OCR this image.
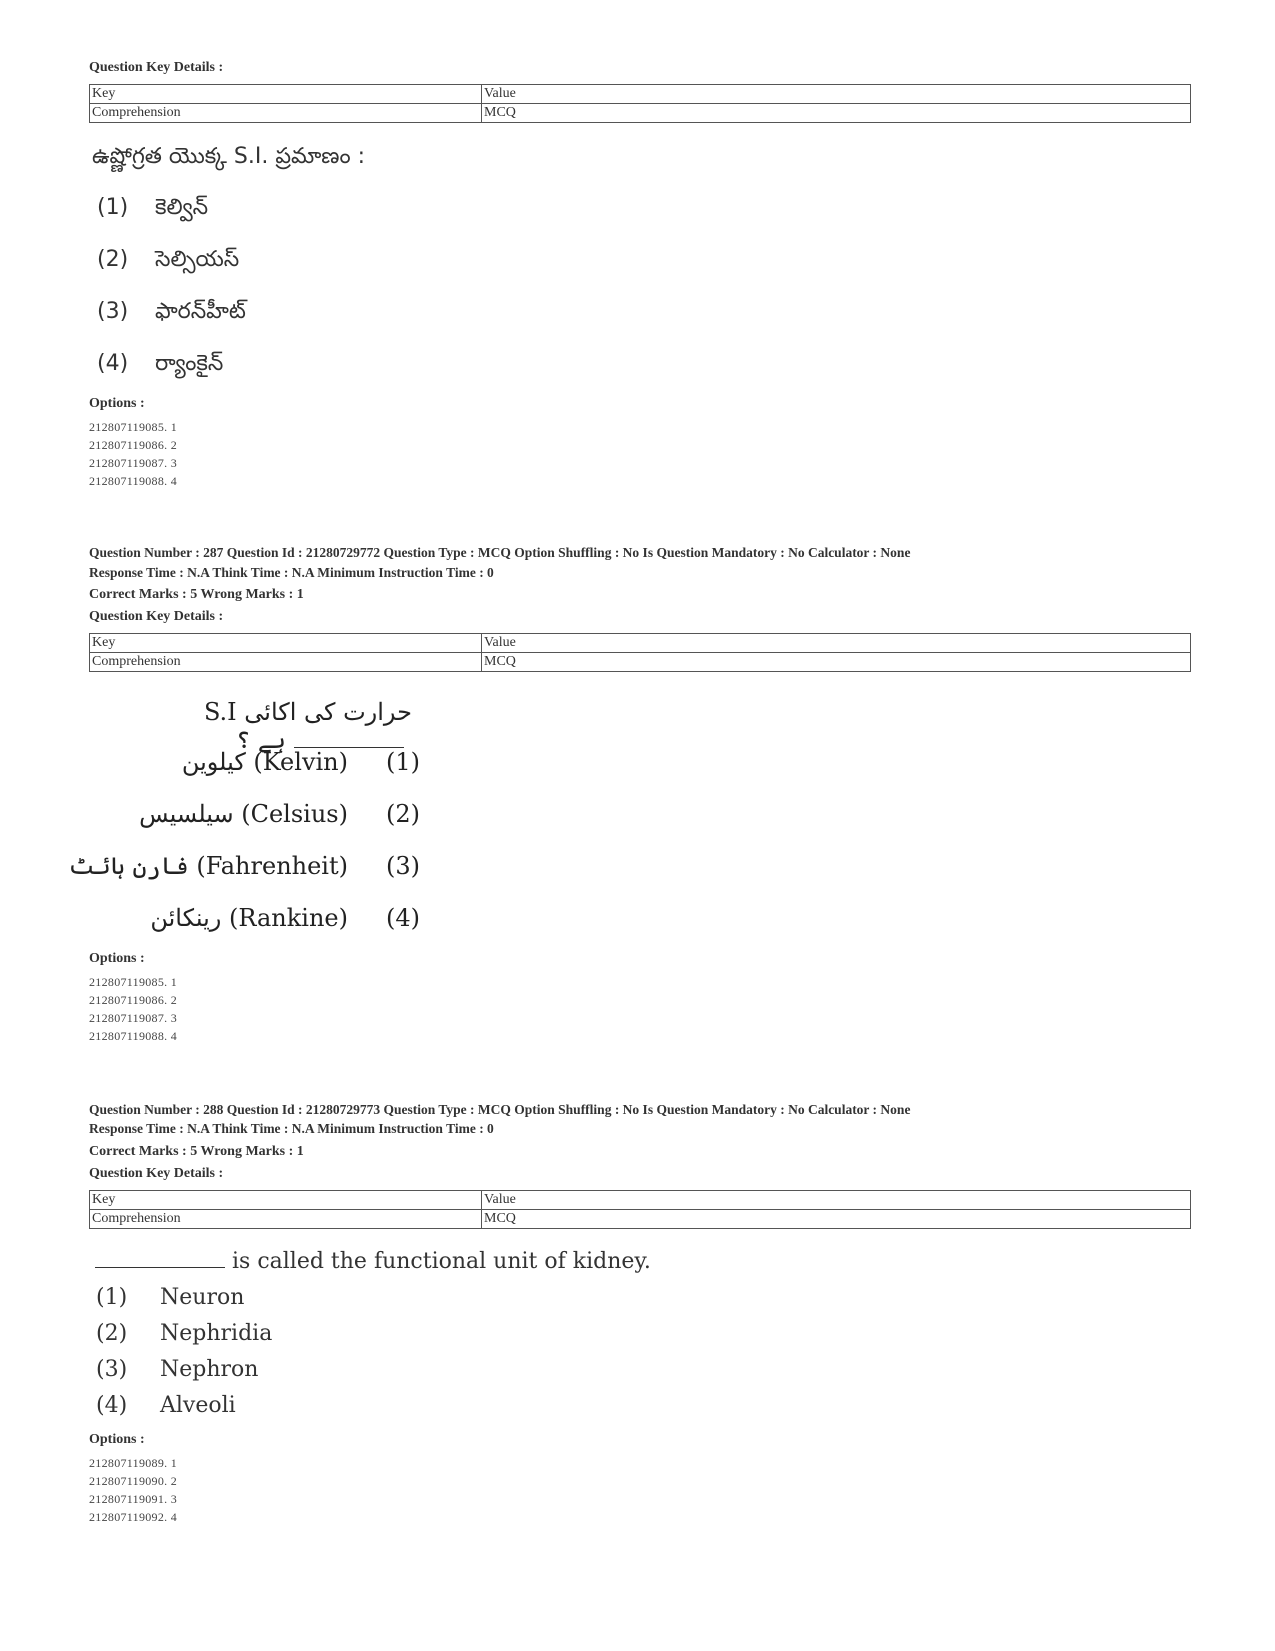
Question Key Details :
Key	Value
Comprehension	MCQ
ఉష్ణోగ్రత యొక్క S.I. ప్రమాణం :
(1) కెల్విన్
(2) సెల్సియస్
(3) ఫారన్‌హీట్
(4) ర్యాంకైన్
Options :
212807119085. 1
212807119086. 2
212807119087. 3
212807119088. 4
Question Number : 287 Question Id : 21280729772 Question Type : MCQ Option Shuffling : No Is Question Mandatory : No Calculator : None
Response Time : N.A Think Time : N.A Minimum Instruction Time : 0
Correct Marks : 5 Wrong Marks : 1
Question Key Details :
Key	Value
Comprehension	MCQ
حرارت کی اکائی S.Iہے ؟
کیلوین (Kelvin) (1)
سیلسیس (Celsius) (2)
فارن ہائٹ (Fahrenheit) (3)
رینکائن (Rankine) (4)
Options :
212807119085. 1
212807119086. 2
212807119087. 3
212807119088. 4
Question Number : 288 Question Id : 21280729773 Question Type : MCQ Option Shuffling : No Is Question Mandatory : No Calculator : None
Response Time : N.A Think Time : N.A Minimum Instruction Time : 0
Correct Marks : 5 Wrong Marks : 1
Question Key Details :
Key	Value
Comprehension	MCQ
is called the functional unit of kidney.
(1) Neuron
(2) Nephridia
(3) Nephron
(4) Alveoli
Options :
212807119089. 1
212807119090. 2
212807119091. 3
212807119092. 4
